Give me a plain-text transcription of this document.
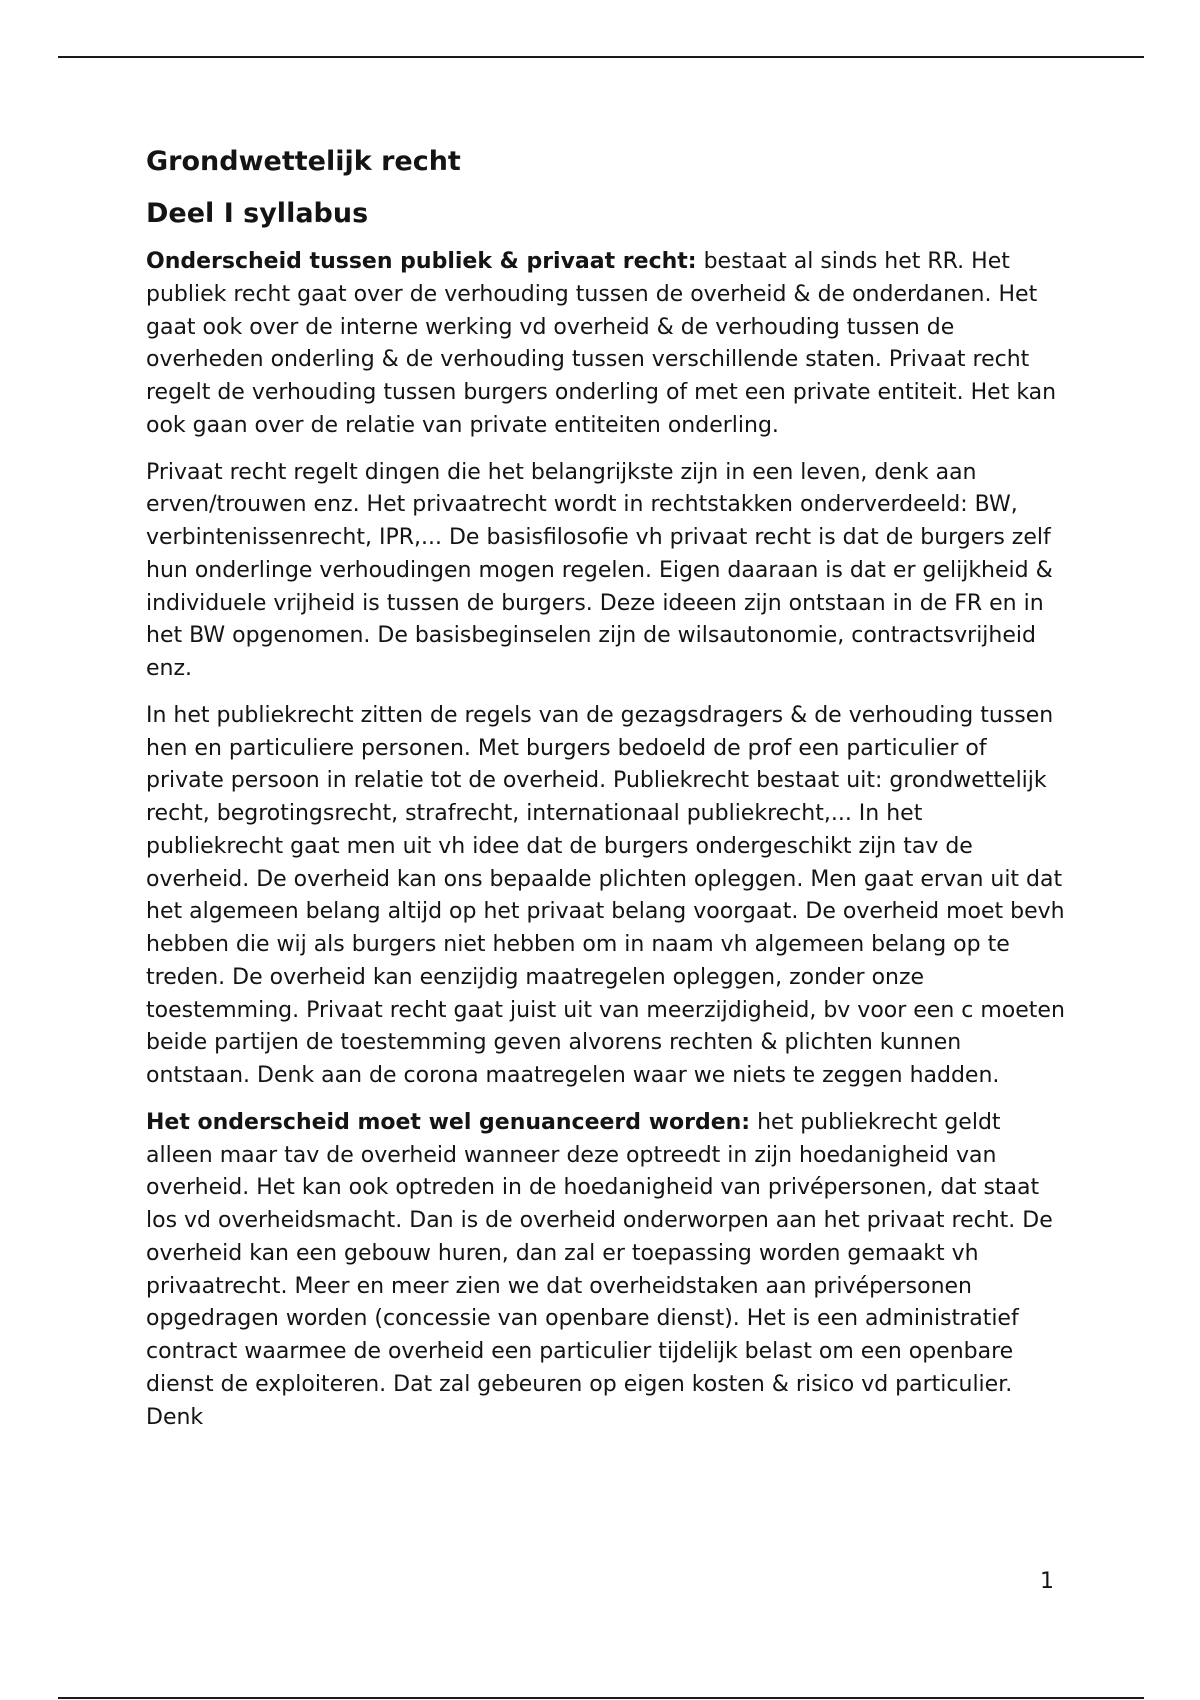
Grondwettelijk recht
Deel I syllabus

Onderscheid tussen publiek & privaat recht: bestaat al sinds het RR. Het publiek recht gaat over de verhouding tussen de overheid & de onderdanen. Het gaat ook over de interne werking vd overheid & de verhouding tussen de overheden onderling & de verhouding tussen verschillende staten. Privaat recht regelt de verhouding tussen burgers onderling of met een private entiteit. Het kan ook gaan over de relatie van private entiteiten onderling.

Privaat recht regelt dingen die het belangrijkste zijn in een leven, denk aan erven/trouwen enz. Het privaatrecht wordt in rechtstakken onderverdeeld: BW, verbintenissenrecht, IPR,... De basisfilosofie vh privaat recht is dat de burgers zelf hun onderlinge verhoudingen mogen regelen. Eigen daaraan is dat er gelijkheid & individuele vrijheid is tussen de burgers. Deze ideeen zijn ontstaan in de FR en in het BW opgenomen. De basisbeginselen zijn de wilsautonomie, contractsvrijheid enz.

In het publiekrecht zitten de regels van de gezagsdragers & de verhouding tussen hen en particuliere personen. Met burgers bedoeld de prof een particulier of private persoon in relatie tot de overheid. Publiekrecht bestaat uit: grondwettelijk recht, begrotingsrecht, strafrecht, internationaal publiekrecht,... In het publiekrecht gaat men uit vh idee dat de burgers ondergeschikt zijn tav de overheid. De overheid kan ons bepaalde plichten opleggen. Men gaat ervan uit dat het algemeen belang altijd op het privaat belang voorgaat. De overheid moet bevh hebben die wij als burgers niet hebben om in naam vh algemeen belang op te treden. De overheid kan eenzijdig maatregelen opleggen, zonder onze toestemming. Privaat recht gaat juist uit van meerzijdigheid, bv voor een c moeten beide partijen de toestemming geven alvorens rechten & plichten kunnen ontstaan. Denk aan de corona maatregelen waar we niets te zeggen hadden.

Het onderscheid moet wel genuanceerd worden: het publiekrecht geldt alleen maar tav de overheid wanneer deze optreedt in zijn hoedanigheid van overheid. Het kan ook optreden in de hoedanigheid van privépersonen, dat staat los vd overheidsmacht. Dan is de overheid onderworpen aan het privaat recht. De overheid kan een gebouw huren, dan zal er toepassing worden gemaakt vh privaatrecht. Meer en meer zien we dat overheidstaken aan privépersonen opgedragen worden (concessie van openbare dienst). Het is een administratief contract waarmee de overheid een particulier tijdelijk belast om een openbare dienst de exploiteren. Dat zal gebeuren op eigen kosten & risico vd particulier. Denk

1
